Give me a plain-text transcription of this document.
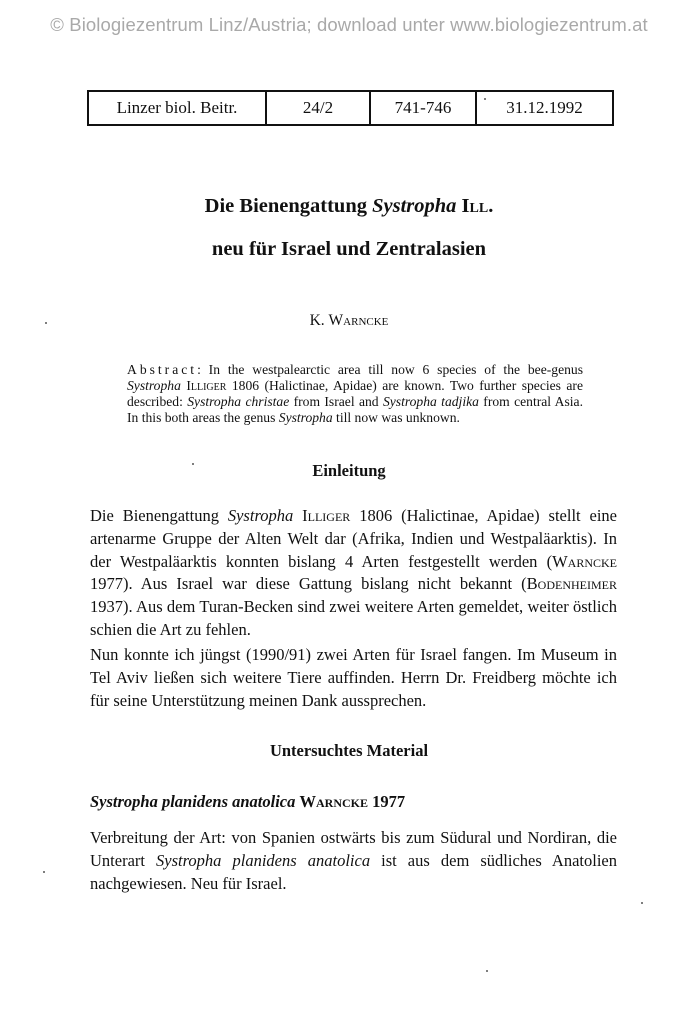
© Biologiezentrum Linz/Austria; download unter www.biologiezentrum.at
Linzer biol. Beitr.	24/2	741-746	31.12.1992
Die Bienengattung Systropha Ill.
neu für Israel und Zentralasien
K. Warncke
Abstract: In the westpalearctic area till now 6 species of the bee-genus Systropha Illiger 1806 (Halictinae, Apidae) are known. Two further species are described: Systropha christae from Israel and Systropha tadjika from central Asia. In this both areas the genus Systropha till now was unknown.
Einleitung
Die Bienengattung Systropha Illiger 1806 (Halictinae, Apidae) stellt eine artenarme Gruppe der Alten Welt dar (Afrika, Indien und Westpaläarktis). In der Westpaläarktis konnten bislang 4 Arten festgestellt werden (Warncke 1977). Aus Israel war diese Gattung bislang nicht bekannt (Bodenheimer 1937). Aus dem Turan-Becken sind zwei weitere Arten gemeldet, weiter östlich schien die Art zu fehlen.
Nun konnte ich jüngst (1990/91) zwei Arten für Israel fangen. Im Museum in Tel Aviv ließen sich weitere Tiere auffinden. Herrn Dr. Freidberg möchte ich für seine Unterstützung meinen Dank aussprechen.
Untersuchtes Material
Systropha planidens anatolica Warncke 1977
Verbreitung der Art: von Spanien ostwärts bis zum Südural und Nordiran, die Unterart Systropha planidens anatolica ist aus dem südliches Anatolien nachgewiesen. Neu für Israel.
